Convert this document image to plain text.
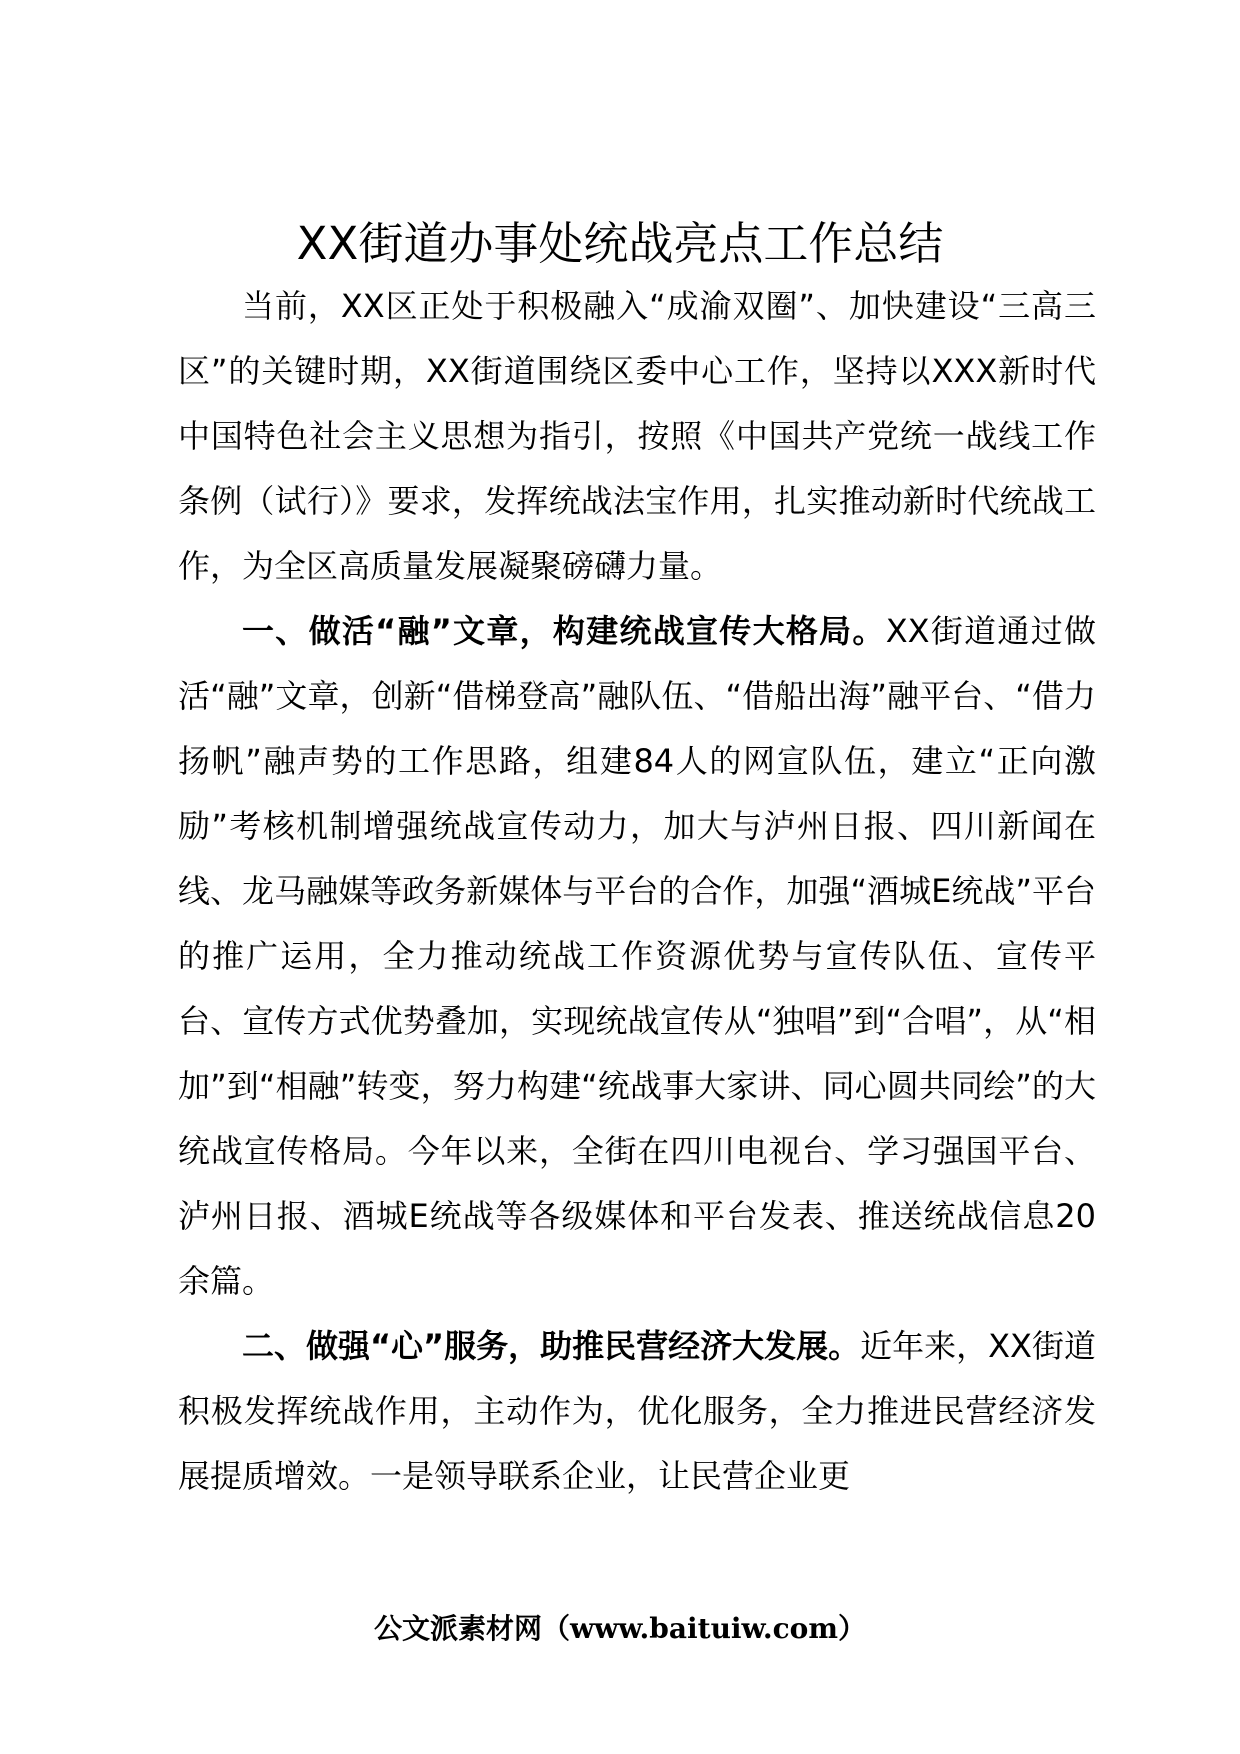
XX街道办事处统战亮点工作总结

当前，XX区正处于积极融入“成渝双圈”、加快建设“三高三区”的关键时期，XX街道围绕区委中心工作，坚持以XXX新时代中国特色社会主义思想为指引，按照《中国共产党统一战线工作条例（试行）》要求，发挥统战法宝作用，扎实推动新时代统战工作，为全区高质量发展凝聚磅礴力量。

一、做活“融”文章，构建统战宣传大格局。XX街道通过做活“融”文章，创新“借梯登高”融队伍、“借船出海”融平台、“借力扬帆”融声势的工作思路，组建84人的网宣队伍，建立“正向激励”考核机制增强统战宣传动力，加大与泸州日报、四川新闻在线、龙马融媒等政务新媒体与平台的合作，加强“酒城E统战”平台的推广运用，全力推动统战工作资源优势与宣传队伍、宣传平台、宣传方式优势叠加，实现统战宣传从“独唱”到“合唱”，从“相加”到“相融”转变，努力构建“统战事大家讲、同心圆共同绘”的大统战宣传格局。今年以来，全街在四川电视台、学习强国平台、泸州日报、酒城E统战等各级媒体和平台发表、推送统战信息20余篇。

二、做强“心”服务，助推民营经济大发展。近年来，XX街道积极发挥统战作用，主动作为，优化服务，全力推进民营经济发展提质增效。一是领导联系企业，让民营企业更

公文派素材网（www.baituiw.com）
